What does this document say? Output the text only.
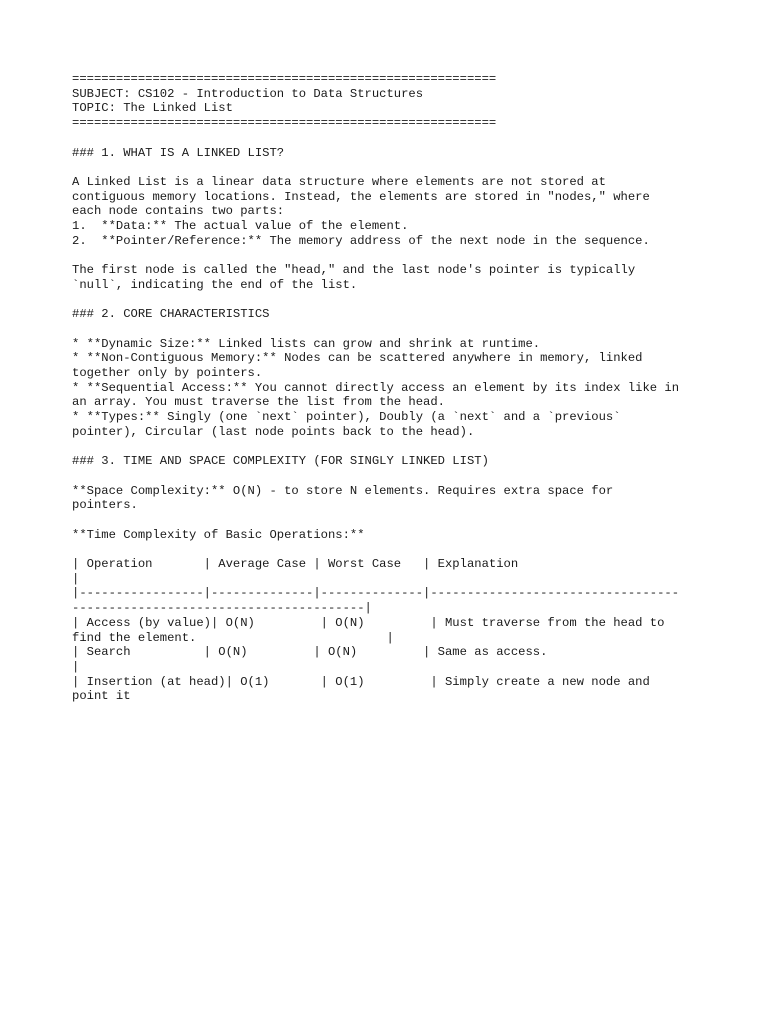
==========================================================
SUBJECT: CS102 - Introduction to Data Structures
TOPIC: The Linked List
==========================================================
### 1. WHAT IS A LINKED LIST?
A Linked List is a linear data structure where elements are not stored at
contiguous memory locations. Instead, the elements are stored in "nodes," where
each node contains two parts:
1.  **Data:** The actual value of the element.
2.  **Pointer/Reference:** The memory address of the next node in the sequence.
The first node is called the "head," and the last node's pointer is typically
`null`, indicating the end of the list.
### 2. CORE CHARACTERISTICS
* **Dynamic Size:** Linked lists can grow and shrink at runtime.
* **Non-Contiguous Memory:** Nodes can be scattered anywhere in memory, linked
together only by pointers.
* **Sequential Access:** You cannot directly access an element by its index like in
an array. You must traverse the list from the head.
* **Types:** Singly (one `next` pointer), Doubly (a `next` and a `previous`
pointer), Circular (last node points back to the head).
### 3. TIME AND SPACE COMPLEXITY (FOR SINGLY LINKED LIST)
**Space Complexity:** O(N) - to store N elements. Requires extra space for
pointers.
**Time Complexity of Basic Operations:**
| Operation       | Average Case | Worst Case   | Explanation
|
|-----------------|--------------|--------------|----------------------------------
----------------------------------------|
| Access (by value)| O(N)         | O(N)         | Must traverse from the head to
find the element.                          |
| Search          | O(N)         | O(N)         | Same as access.
|
| Insertion (at head)| O(1)       | O(1)         | Simply create a new node and
point it
